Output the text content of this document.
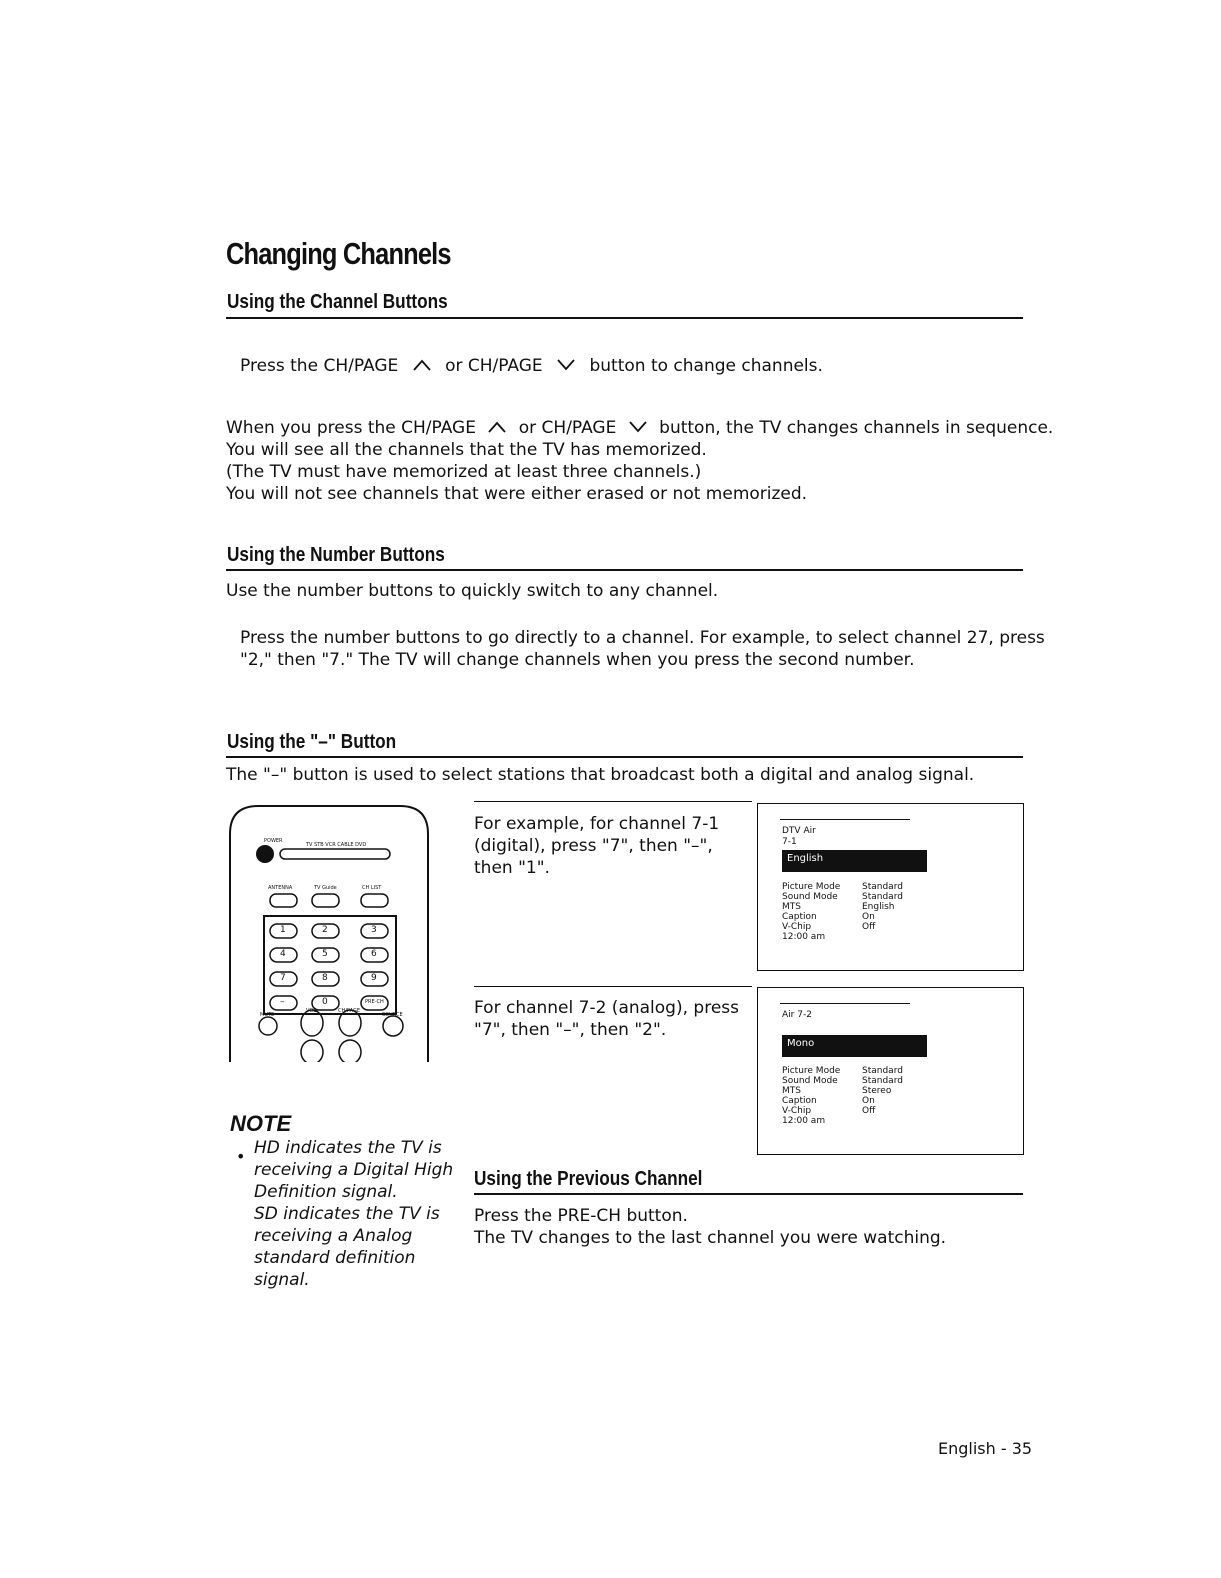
Changing Channels
Using the Channel Buttons
Press the CH/PAGE	or CH/PAGE	button to change channels.
When you press the CH/PAGE	or CH/PAGE	button, the TV changes channels in sequence.
You will see all the channels that the TV has memorized.
(The TV must have memorized at least three channels.)
You will not see channels that were either erased or not memorized.
Using the Number Buttons
Use the number buttons to quickly switch to any channel.
Press the number buttons to go directly to a channel. For example, to select channel 27, press
"2," then "7." The TV will change channels when you press the second number.
Using the "–" Button
The "–" button is used to select stations that broadcast both a digital and analog signal.
POWER
TV STB VCR CABLE DVD
ANTENNA	TV Guide	CH LIST
1	2	3
4	5	6
7	8	9
–	0	PRE-CH
VOL	CH/PAGE
MUTE	SOURCE
NOTE
• HD indicates the TV is
receiving a Digital High
Definition signal.
SD indicates the TV is
receiving a Analog
standard definition
signal.
For example, for channel 7-1
(digital), press "7", then "–",
then "1".
DTV Air
7-1
English
Picture Mode	Standard
Sound Mode	Standard
MTS	English
Caption	On
V-Chip	Off
12:00 am
For channel 7-2 (analog), press
"7", then "–", then "2".
Air 7-2
Mono
Picture Mode	Standard
Sound Mode	Standard
MTS	Stereo
Caption	On
V-Chip	Off
12:00 am
Using the Previous Channel
Press the PRE-CH button.
The TV changes to the last channel you were watching.
English - 35
